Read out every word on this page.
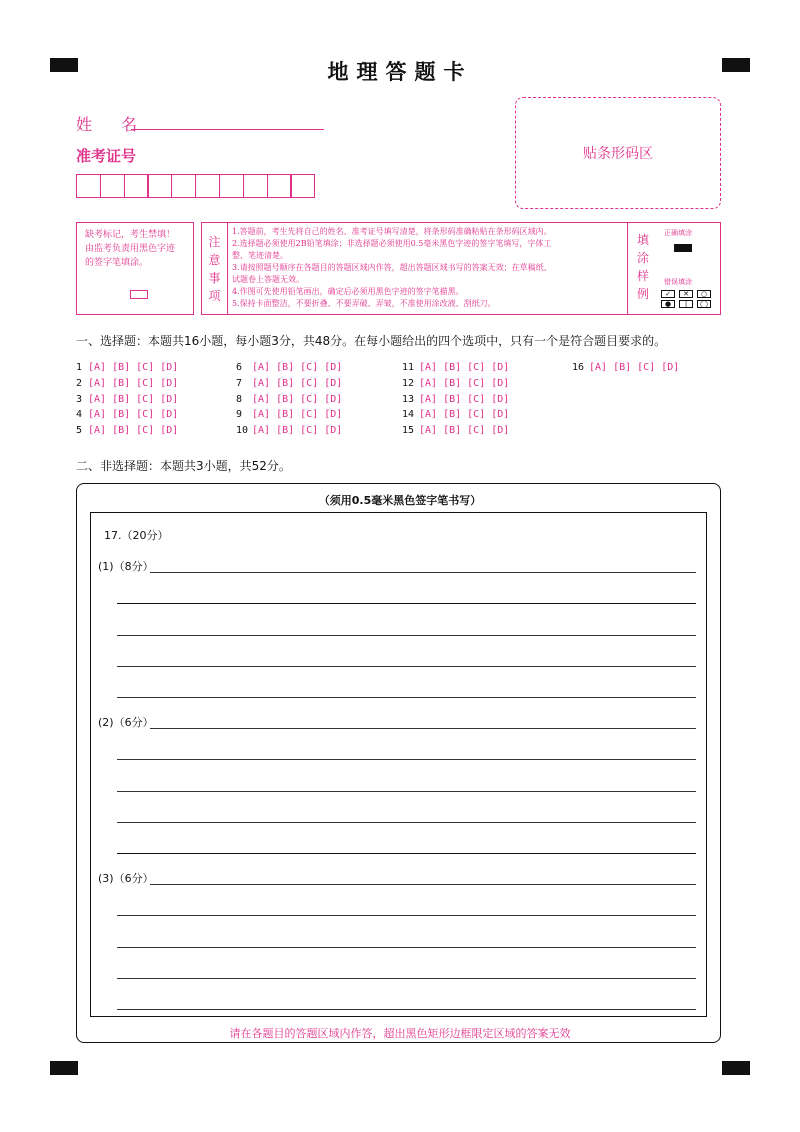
地理答题卡
姓 名
准考证号	贴条形码区
缺考标记，考生禁填！
由监考负责用黑色字迹
的签字笔填涂。
注
意
事
项
1.答题前，考生先将自己的姓名、准考证号填写清楚，将条形码准确粘贴在条形码区域内。
2.选择题必须使用2B铅笔填涂；非选择题必须使用0.5毫米黑色字迹的签字笔填写，字体工
整、笔迹清楚。
3.请按照题号顺序在各题目的答题区域内作答，超出答题区域书写的答案无效；在草稿纸、
试题卷上答题无效。
4.作图可先使用铅笔画出，确定后必须用黑色字迹的签字笔描黑。
5.保持卡面整洁，不要折叠、不要弄破、弄皱，不准使用涂改液、刮纸刀。
填
涂
样
例
正确填涂
错误填涂
✓	✕	○
●	|	◯
一、选择题：本题共16小题，每小题3分，共48分。在每小题给出的四个选项中，只有一个是符合题目要求的。
1 [A] [B] [C] [D]
2 [A] [B] [C] [D]
3 [A] [B] [C] [D]
4 [A] [B] [C] [D]
5 [A] [B] [C] [D]
6 [A] [B] [C] [D]
7 [A] [B] [C] [D]
8 [A] [B] [C] [D]
9 [A] [B] [C] [D]
10 [A] [B] [C] [D]
11 [A] [B] [C] [D]
12 [A] [B] [C] [D]
13 [A] [B] [C] [D]
14 [A] [B] [C] [D]
15 [A] [B] [C] [D]
16 [A] [B] [C] [D]
二、非选择题：本题共3小题，共52分。
（须用0.5毫米黑色签字笔书写）
17.（20分）
(1)（8分）
(2)（6分）
(3)（6分）
请在各题目的答题区域内作答，超出黑色矩形边框限定区域的答案无效
